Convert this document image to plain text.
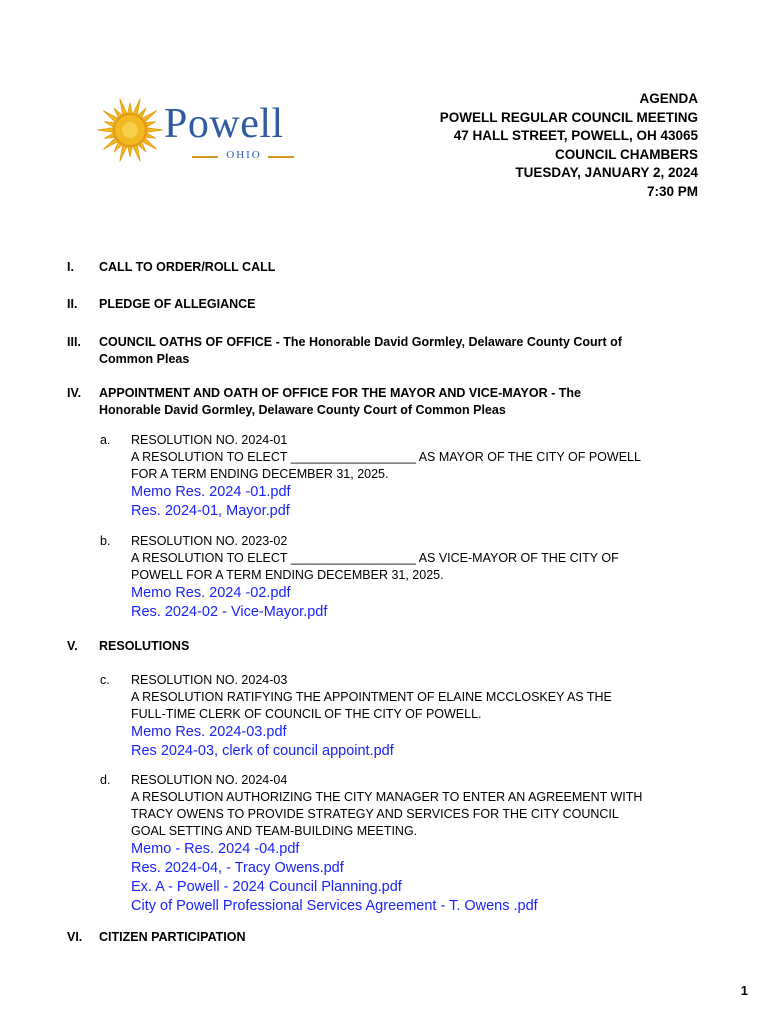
Powell
OHIO
AGENDA
POWELL REGULAR COUNCIL MEETING
47 HALL STREET, POWELL, OH 43065
COUNCIL CHAMBERS
TUESDAY, JANUARY 2, 2024
7:30 PM
I. CALL TO ORDER/ROLL CALL
II. PLEDGE OF ALLEGIANCE
III. COUNCIL OATHS OF OFFICE - The Honorable David Gormley, Delaware County Court of
Common Pleas
IV. APPOINTMENT AND OATH OF OFFICE FOR THE MAYOR AND VICE-MAYOR - The
Honorable David Gormley, Delaware County Court of Common Pleas
a. RESOLUTION NO. 2024-01
A RESOLUTION TO ELECT __________________ AS MAYOR OF THE CITY OF POWELL
FOR A TERM ENDING DECEMBER 31, 2025.
Memo Res. 2024 -01.pdf
Res. 2024-01, Mayor.pdf
b. RESOLUTION NO. 2023-02
A RESOLUTION TO ELECT __________________ AS VICE-MAYOR OF THE CITY OF
POWELL FOR A TERM ENDING DECEMBER 31, 2025.
Memo Res. 2024 -02.pdf
Res. 2024-02 - Vice-Mayor.pdf
V. RESOLUTIONS
c. RESOLUTION NO. 2024-03
A RESOLUTION RATIFYING THE APPOINTMENT OF ELAINE MCCLOSKEY AS THE
FULL-TIME CLERK OF COUNCIL OF THE CITY OF POWELL.
Memo Res. 2024-03.pdf
Res 2024-03, clerk of council appoint.pdf
d. RESOLUTION NO. 2024-04
A RESOLUTION AUTHORIZING THE CITY MANAGER TO ENTER AN AGREEMENT WITH
TRACY OWENS TO PROVIDE STRATEGY AND SERVICES FOR THE CITY COUNCIL
GOAL SETTING AND TEAM-BUILDING MEETING.
Memo - Res. 2024 -04.pdf
Res. 2024-04, - Tracy Owens.pdf
Ex. A - Powell - 2024 Council Planning.pdf
City of Powell Professional Services Agreement - T. Owens .pdf
VI. CITIZEN PARTICIPATION
1
